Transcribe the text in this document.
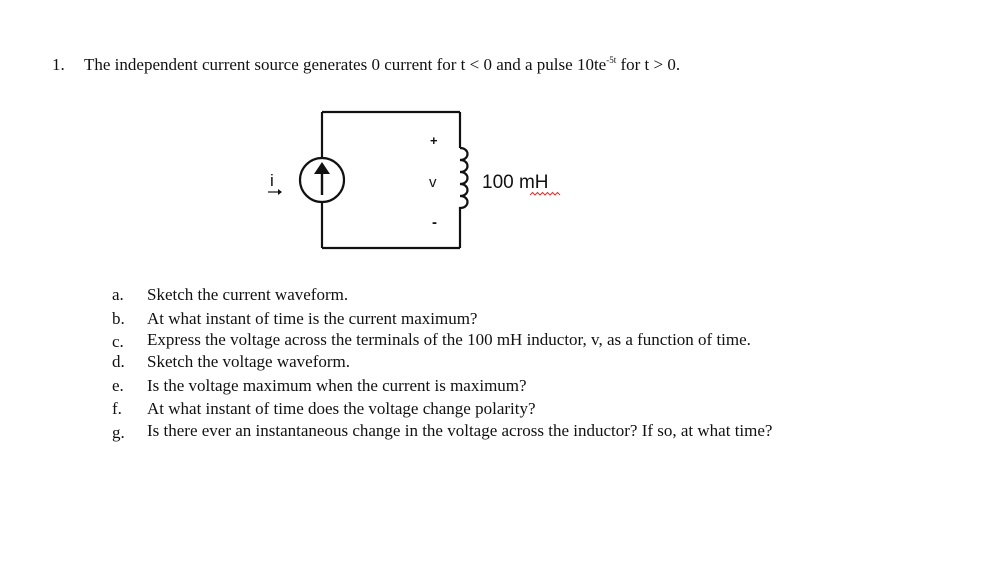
1. The independent current source generates 0 current for t < 0 and a pulse $10te^{-5t}$ for t > 0.
i
+
v
-
100 mH
a. Sketch the current waveform.
b. At what instant of time is the current maximum?
c. Express the voltage across the terminals of the 100 mH inductor, v, as a function of time.
d. Sketch the voltage waveform.
e. Is the voltage maximum when the current is maximum?
f. At what instant of time does the voltage change polarity?
g. Is there ever an instantaneous change in the voltage across the inductor? If so, at what time?
